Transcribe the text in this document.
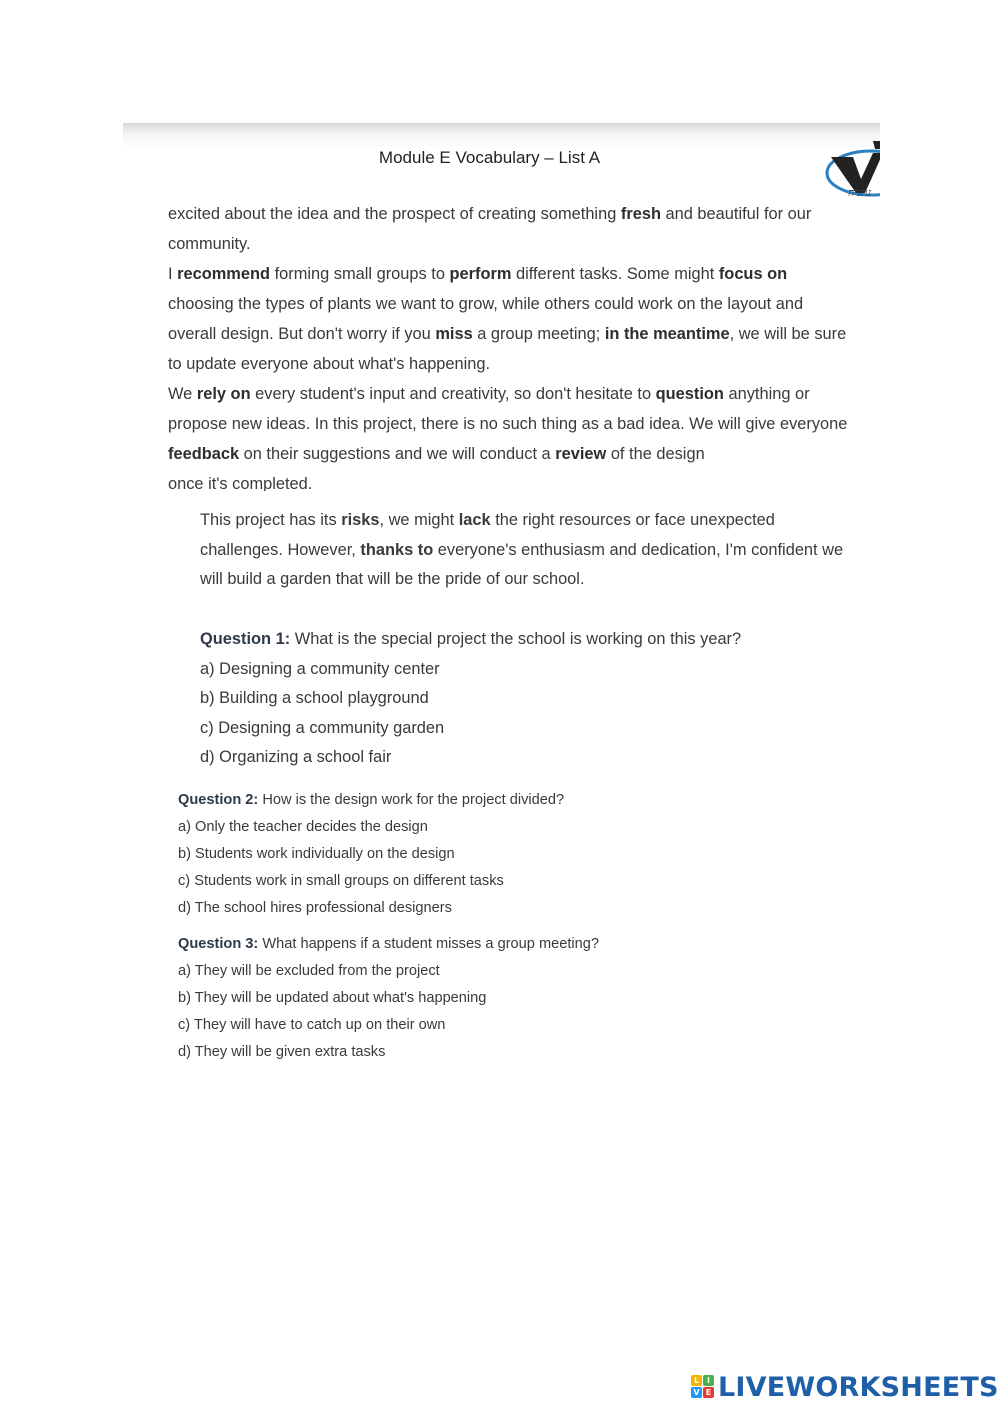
Module E Vocabulary – List A
נתניה

excited about the idea and the prospect of creating something fresh and beautiful for our community.

I recommend forming small groups to perform different tasks. Some might focus on choosing the types of plants we want to grow, while others could work on the layout and overall design. But don't worry if you miss a group meeting; in the meantime, we will be sure to update everyone about what's happening.

We rely on every student's input and creativity, so don't hesitate to question anything or propose new ideas. In this project, there is no such thing as a bad idea. We will give everyone feedback on their suggestions and we will conduct a review of the design

once it's completed.

This project has its risks, we might lack the right resources or face unexpected challenges. However, thanks to everyone's enthusiasm and dedication, I'm confident we will build a garden that will be the pride of our school.

Question 1: What is the special project the school is working on this year?
a) Designing a community center
b) Building a school playground
c) Designing a community garden
d) Organizing a school fair
Question 2: How is the design work for the project divided?
a) Only the teacher decides the design
b) Students work individually on the design
c) Students work in small groups on different tasks
d) The school hires professional designers
Question 3: What happens if a student misses a group meeting?
a) They will be excluded from the project
b) They will be updated about what's happening
c) They will have to catch up on their own
d) They will be given extra tasks
L I
V E LIVEWORKSHEETS
